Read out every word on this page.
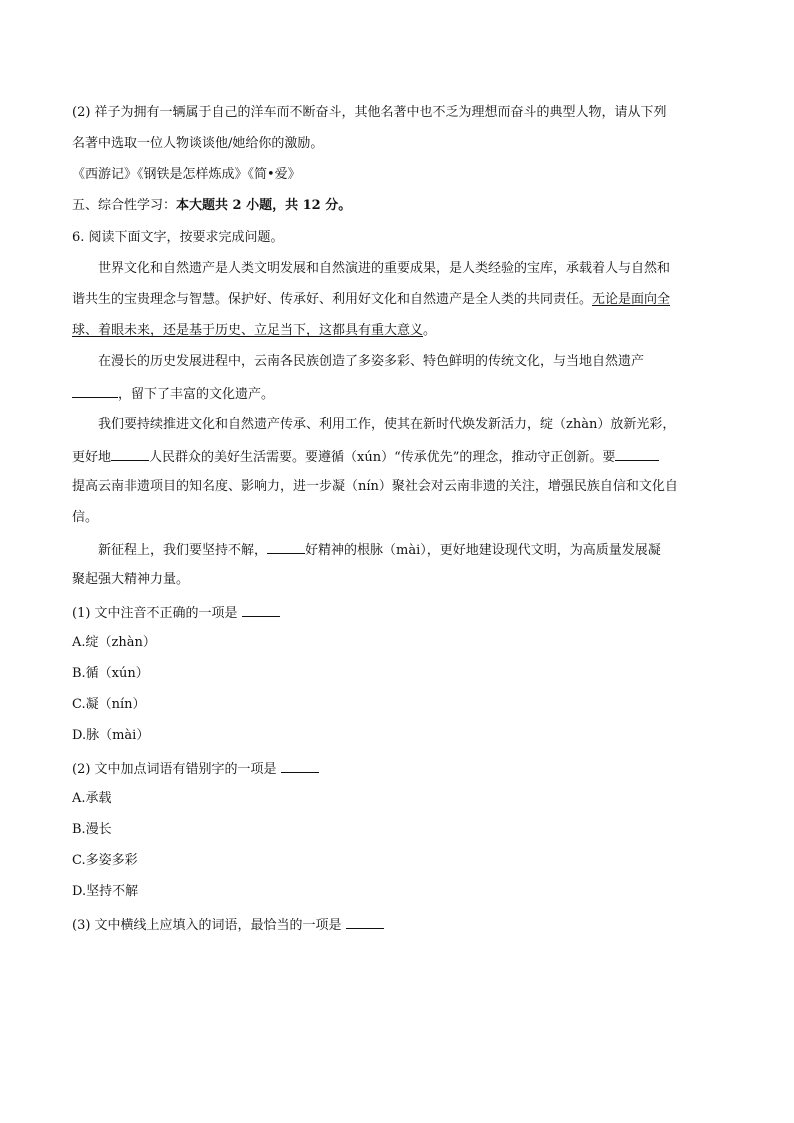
(2) 祥子为拥有一辆属于自己的洋车而不断奋斗，其他名著中也不乏为理想而奋斗的典型人物，请从下列
名著中选取一位人物谈谈他/她给你的激励。
《西游记》《钢铁是怎样炼成》《简•爱》
五、综合性学习：本大题共 2 小题，共 12 分。
6. 阅读下面文字，按要求完成问题。
世界文化和自然遗产是人类文明发展和自然演进的重要成果，是人类经验的宝库，承载着人与自然和
谐共生的宝贵理念与智慧。保护好、传承好、利用好文化和自然遗产是全人类的共同责任。无论是面向全
球、着眼未来，还是基于历史、立足当下，这都具有重大意义。
在漫长的历史发展进程中，云南各民族创造了多姿多彩、特色鲜明的传统文化，与当地自然遗产
，留下了丰富的文化遗产。
我们要持续推进文化和自然遗产传承、利用工作，使其在新时代焕发新活力，绽（zhàn）放新光彩，
更好地	人民群众的美好生活需要。要遵循（xún）“传承优先”的理念，推动守正创新。要
提高云南非遗项目的知名度、影响力，进一步凝（nín）聚社会对云南非遗的关注，增强民族自信和文化自
信。
新征程上，我们要坚持不解，	好精神的根脉（mài），更好地建设现代文明，为高质量发展凝
聚起强大精神力量。
(1) 文中注音不正确的一项是
A.绽（zhàn）
B.循（xún）
C.凝（nín）
D.脉（mài）
(2) 文中加点词语有错别字的一项是
A.承载
B.漫长
C.多姿多彩
D.坚持不解
(3) 文中横线上应填入的词语，最恰当的一项是
